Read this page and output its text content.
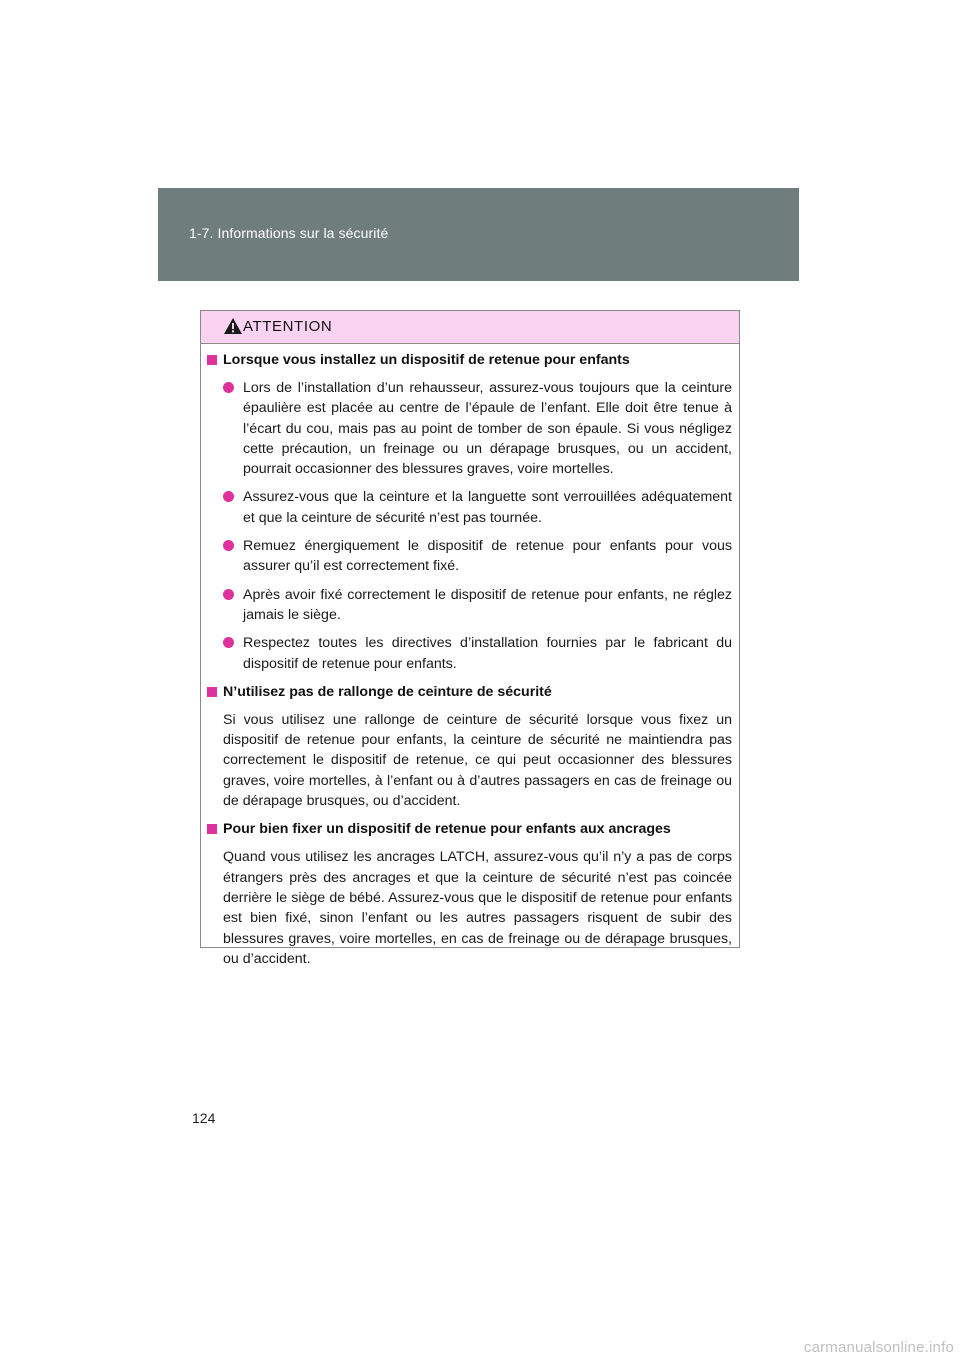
1-7. Informations sur la sécurité
ATTENTION
Lorsque vous installez un dispositif de retenue pour enfants
Lors de l’installation d’un rehausseur, assurez-vous toujours que la ceinture épaulière est placée au centre de l’épaule de l’enfant. Elle doit être tenue à l’écart du cou, mais pas au point de tomber de son épaule. Si vous négligez cette précaution, un freinage ou un dérapage brusques, ou un accident, pourrait occasionner des blessures graves, voire mortelles.
Assurez-vous que la ceinture et la languette sont verrouillées adéquatement et que la ceinture de sécurité n’est pas tournée.
Remuez énergiquement le dispositif de retenue pour enfants pour vous assurer qu’il est correctement fixé.
Après avoir fixé correctement le dispositif de retenue pour enfants, ne réglez jamais le siège.
Respectez toutes les directives d’installation fournies par le fabricant du dispositif de retenue pour enfants.
N’utilisez pas de rallonge de ceinture de sécurité
Si vous utilisez une rallonge de ceinture de sécurité lorsque vous fixez un dispositif de retenue pour enfants, la ceinture de sécurité ne maintiendra pas correctement le dispositif de retenue, ce qui peut occasionner des blessures graves, voire mortelles, à l’enfant ou à d’autres passagers en cas de freinage ou de dérapage brusques, ou d’accident.
Pour bien fixer un dispositif de retenue pour enfants aux ancrages
Quand vous utilisez les ancrages LATCH, assurez-vous qu’il n’y a pas de corps étrangers près des ancrages et que la ceinture de sécurité n’est pas coincée derrière le siège de bébé. Assurez-vous que le dispositif de retenue pour enfants est bien fixé, sinon l’enfant ou les autres passagers risquent de subir des blessures graves, voire mortelles, en cas de freinage ou de dérapage brusques, ou d’accident.
124
carmanualsonline.info
